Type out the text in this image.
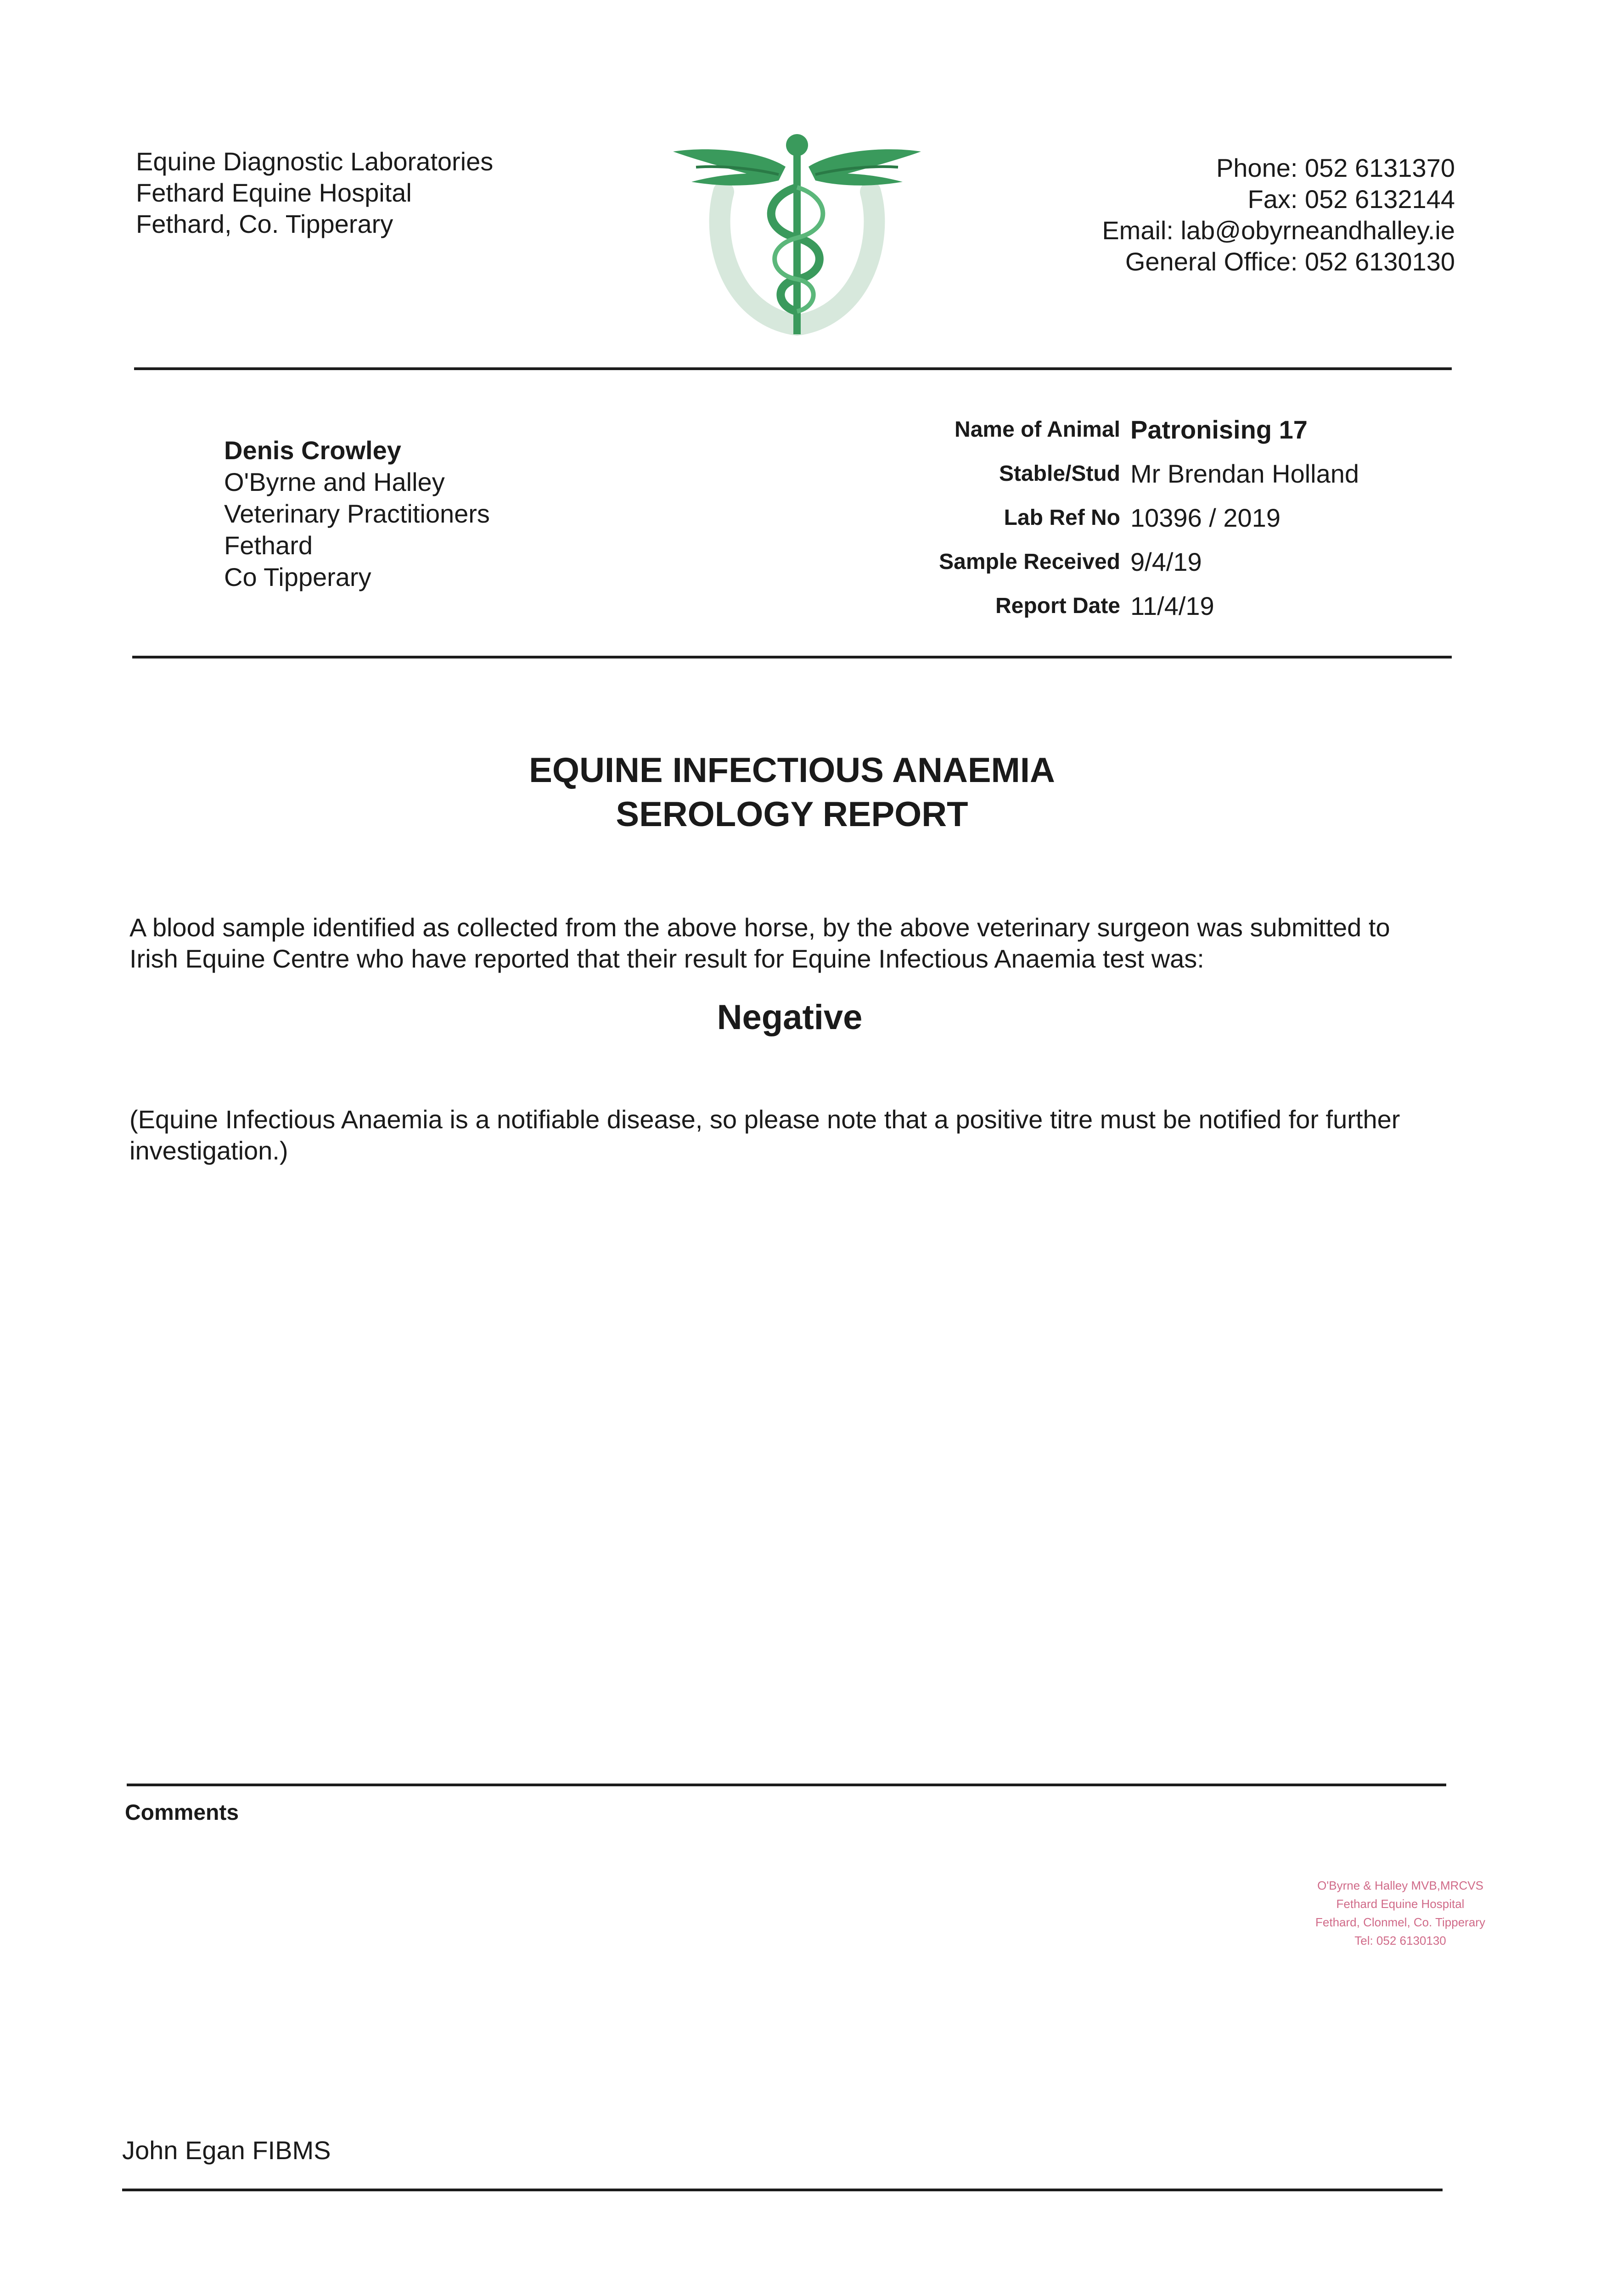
Equine Diagnostic Laboratories
Fethard Equine Hospital
Fethard, Co. Tipperary
Phone: 052 6131370
Fax: 052 6132144
Email: lab@obyrneandhalley.ie
General Office: 052 6130130
Denis Crowley
O'Byrne and Halley
Veterinary Practitioners
Fethard
Co Tipperary
Name of Animal Patronising 17
Stable/Stud Mr Brendan Holland
Lab Ref No 10396 / 2019
Sample Received 9/4/19
Report Date 11/4/19
EQUINE INFECTIOUS ANAEMIA
SEROLOGY REPORT
A blood sample identified as collected from the above horse, by the above veterinary surgeon was submitted to
Irish Equine Centre who have reported that their result for Equine Infectious Anaemia test was:
Negative
(Equine Infectious Anaemia is a notifiable disease, so please note that a positive titre must be notified for further
investigation.)
Comments
O'Byrne & Halley MVB,MRCVS
Fethard Equine Hospital
Fethard, Clonmel, Co. Tipperary
Tel: 052 6130130
John Egan FIBMS
